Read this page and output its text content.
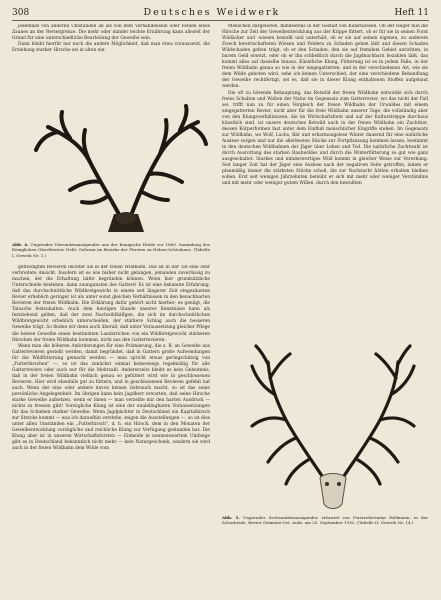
308	Deutsches Weidwerk	Heft 11

jedenfalls von anderen Umständen ab als von dem Vorhandensein oder Fehlen eines Zaunes an der Reviergrenze. Die mehr oder minder leichte Ernährung kann allezeit der Grund für eine unterschiedliche Beurteilung der Geweihe sein.

Dann bleibt hierfür nur noch die andere Möglichkeit, daß man etwa voraussetzt, die Erziehung starker Hirsche sei in alten ein-

Abb. 4. Ungerader Vierundzwanzigender aus der Kunigsche Heide vor 1860. Sammlung des Königlichen Oberförsters Nebl. Geformt im Bezirke der Fürsten zu Hohen-Schönhaus. (Tabelle I, Geweih Nr. 1.)

gefriedigten Revieren leichter als in der freien Wildbahn. Das ist in der Tat eine sehr verbreitete Ansicht. Insofern ist es wie bisher nicht gelungen, jemanden zuverlässig zu machen, der die Erhaltung hätte begründen können. Wenn hier grundsätzliche Unterschiede bestehen, dann zuungunsten des Gatters! Es ist eine bekannte Erfahrung, daß das durchschnittliche Wildbretgewicht in einem seit längerer Zeit eingezäunten Revier erheblich geringer ist als unter sonst gleichen Verhältnissen in den benachbarten Revieren der freien Wildbahn. Die Erklärung dafür gehört nicht hierher; es genügt, die Tatsache festzuhalten. Auch dem heutigen Stande unserer Kenntnisse kann als feststehend gelten, daß der zwei Nachwildhälfgen, die sich im durchschnittlichen Wildbretgewicht erheblich unterscheiden, der stärkere Schlag auch die besseren Geweihe trägt. So finden wir denn auch überall, daß unter Voraussetzung gleicher Pflege die besten Geweihe einen bestimmten Landstrichen von ein Wildbretgewicht stärkeren Hirschen der freien Wildbahn kommen, nicht aus den Gatterrevieren.

Wenn man die höheren Anforderungen für eine Prämierung, die z. B. an Geweihe aus Gatterrevieren gestellt werden, damit begründet, daß in Gattern große Aufwendungen für die Wildfütterung gemacht werden — man spricht etwas geringschätzig von „Futterhirschen" —, so ist das zunächst einmal keineswegs regelmäßig für alle Gatterreviere oder auch nur für die Mehrzahl. Andererseits bleibt es kein Geheimnis, daß in der freien Wildbahn vielfach genau so gefüttert wird wie in geschlossenen Revieren. Hier wird ebenfalls gut zu füttern, und in geschlossenen Revieren gefehlt hat auch. Wenn der eine oder andere davon keinen Gebrauch macht, so ist das seine persönliche Angelegenheit. Im übrigen kann kein Jagdherr erwarten, daß seine Hirsche starke Geweihe aufsetzen, wenn er ihnen — man verzeihe mir den harten Ausdruck — nichts zu fressen gibt! Vorzügliche Klung ist eine der unabdingbaren Voraussetzungen für das Schieben starker Geweihe. Wenn Jagdpächter in Deutschland ein Kapitalhirsch zur Strecke kommt — was ich daraufhin verstehe, zeigen die Ausstellungen —, so ist dies unter allen Umständen ein „Futterhirsch", d. h. ein Hirsch, dem in den Monaten der Geweihentwicklung vorzügliche und reichliche Klung zur Verfügung gestanden hat. Die Klung aber ist in unseren Wirtschaftsforsten — Einheide in nennenswertem Umfange gibt es in Deutschland bekanntlich nicht mehr — kein Naturgeschenk, sondern sie wird auch in der freien Wildbahn dem Wilde vom

Menschen dargeboten, mindestens in der Gestalt von Kunstwiesen. Ob der Heger nun die Hirsche zur Zeit der Geweihentwicklung aus der Krippe füttert, ob er für sie in seinen Forst Wildäcker und -wiesen bestellt und unterhält, ob er sie auf seinen eigenen, zu anderem Zweck bewirtschafteten Wiesen und Feldern zu Schaden gehen läßt und diesen Schaden Wildschaden gelten trägt, ob er den Schaden, den sie auf fremdem Gebiet anrichten, in barem Geld ersetzt, oder ob er ihn schließlich durch die Jagdnachbarn bezahlen läßt, das kommt alles auf dasselbe hinaus. Künstliche Klung, Fütterung ist es in jedem Falle, in der freien Wildbahn genau so wie in der eingegatterten, und in der verschiedenen Art, wie sie dem Wilde geboten wird, sehe ich keinen Unterschied, der eine verschiedene Behandlung der Geweihe rechtfertigt, sei es, daß sie in dieser Klung enthaltenen Stoffen aufgebaut werden.

Die oft zu hörende Behauptung, das Rotwild der freien Wildbahn entwickle sich durch freies Schalten und Walten der Natur im Gegensatz zum Gatterrevier, wo das nicht der Fall sei, trifft nun zu für einen Vergleich der freien Wildbahn der Urwaldes mit einem eingegatterten Revier, nicht aber für die freie Wildbahn unserer Tage, die vollständig aber von den Klungsverhältnissen, die im Wirtschaftsforst und auf der Kulturstreppe durchaus künstlich sind, ist unsere deutsches Rotwild auch in der freien Wildbahn ein Zuchttier, dessen Körperformen fast unter dem Einfluß menschlicher Eingriffe stehen. Im Gegensatz zur Wildbahn, wo Wolf, Luchs, Bär und erbarmungslose Winter dauernd für eine natürliche Auslese sorgen und nur die allerbesten Stücke zur Fortpflanzung kommen lassen, bestimmt in den deutschen Wildbahnen der Jäger über Leben und Tod. Die natürliche Zuchtwahl ist durch Ausrottung des starken Raubwildes und durch die Winterfütterung so gut wie ganz ausgeschaltet. Starkes und minderwertiges Wild kommt in gleicher Weise zur Vererbung. Seit langer Zeit hat der Jäger eine Auslese nach der negativen Seite getroffen, indem er planmäßig immer die stärksten Stücke schoß, die zur Nachzucht hätten erhalten bleiben sollen. Erst seit wenigen Jahrzehnten bemüht er sich mit mehr oder weniger Verständnis und mit mehr oder weniger gutem Willen, durch den bewußten

Abb. 5. Ungerader Sechsundzwanzigender, erbeutet von Forstreferendar Hellmann, in der Schorheide, Revier Grimnitz-Ost. Aufn. am 25. September 1932. (Tabelle II, Geweih Nr. 14.)
